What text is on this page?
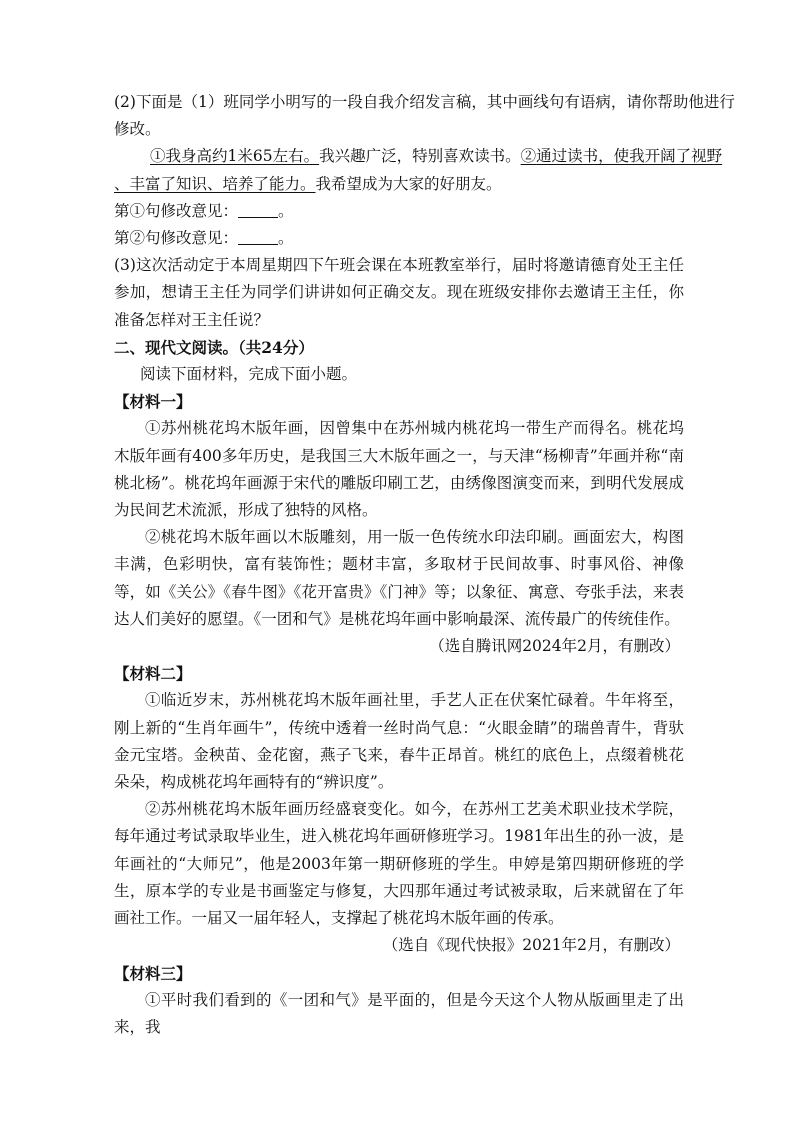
(2)下面是（1）班同学小明写的一段自我介绍发言稿，其中画线句有语病，请你帮助他进行
修改。
①我身高约1米65左右。我兴趣广泛，特别喜欢读书。②通过读书，使我开阔了视野
、丰富了知识、培养了能力。我希望成为大家的好朋友。
第①句修改意见：	。
第②句修改意见：	。

(3)这次活动定于本周星期四下午班会课在本班教室举行，届时将邀请德育处王主任参加，想请王主任为同学们讲讲如何正确交友。现在班级安排你去邀请王主任，你准备怎样对王主任说？

二、现代文阅读。（共24分）
阅读下面材料，完成下面小题。
【材料一】

①苏州桃花坞木版年画，因曾集中在苏州城内桃花坞一带生产而得名。桃花坞木版年画有400多年历史，是我国三大木版年画之一，与天津“杨柳青”年画并称“南桃北杨”。桃花坞年画源于宋代的雕版印刷工艺，由绣像图演变而来，到明代发展成为民间艺术流派，形成了独特的风格。

②桃花坞木版年画以木版雕刻，用一版一色传统水印法印刷。画面宏大，构图丰满，色彩明快，富有装饰性；题材丰富，多取材于民间故事、时事风俗、神像等，如《关公》《春牛图》《花开富贵》《门神》等；以象征、寓意、夸张手法，来表达人们美好的愿望。《一团和气》是桃花坞年画中影响最深、流传最广的传统佳作。

（选自腾讯网2024年2月，有删改）
【材料二】

①临近岁末，苏州桃花坞木版年画社里，手艺人正在伏案忙碌着。牛年将至，刚上新的“生肖年画牛”，传统中透着一丝时尚气息：“火眼金睛”的瑞兽青牛，背驮金元宝塔。金秧苗、金花窗，燕子飞来，春牛正昂首。桃红的底色上，点缀着桃花朵朵，构成桃花坞年画特有的“辨识度”。

②苏州桃花坞木版年画历经盛衰变化。如今，在苏州工艺美术职业技术学院，每年通过考试录取毕业生，进入桃花坞年画研修班学习。1981年出生的孙一波，是年画社的“大师兄”，他是2003年第一期研修班的学生。申婷是第四期研修班的学生，原本学的专业是书画鉴定与修复，大四那年通过考试被录取，后来就留在了年画社工作。一届又一届年轻人，支撑起了桃花坞木版年画的传承。

（选自《现代快报》2021年2月，有删改）
【材料三】

①平时我们看到的《一团和气》是平面的，但是今天这个人物从版画里走了出来，我
